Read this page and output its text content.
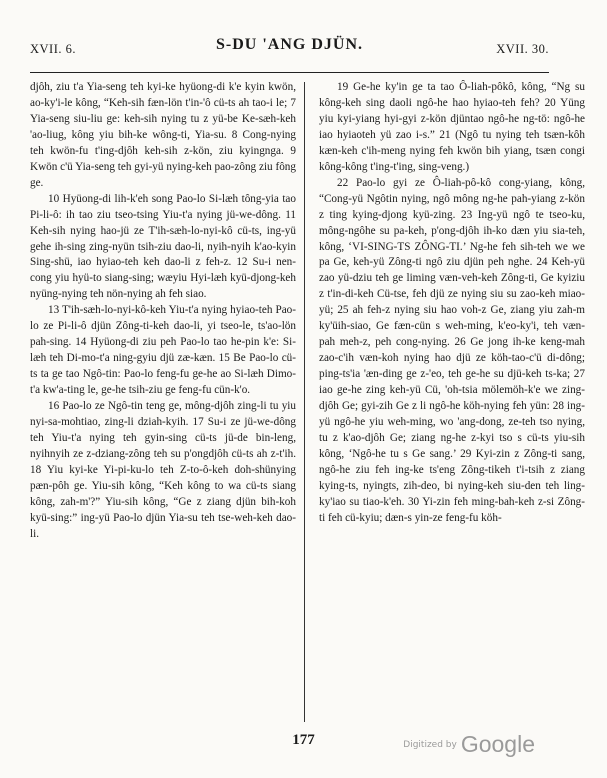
XVII. 6.	S-DU 'ANG DJÜN.	XVII. 30.

djôh, ziu t'a Yia-seng teh kyi-ke hyüong-di k'e kyin kwön, ao-ky'i-le kông, “Keh-sih fæn-lön t'in-'ô cü-ts ah tao-i le; 7 Yia-seng siu-liu ge: keh-sih nying tu z yü-be Ke-sæh-keh 'ao-liug, kông yiu bih-ke wông-ti, Yia-su. 8 Cong-nying teh kwön-fu t'ing-djôh keh-sih z-kön, ziu kyingnga. 9 Kwön c'ü Yia-seng teh gyi-yü nying-keh pao-zông ziu fông ge.

10 Hyüong-di lih-k'eh song Pao-lo Si-læh tông-yia tao Pi-li-ô: ih tao ziu tseo-tsing Yiu-t'a nying jü-we-dông. 11 Keh-sih nying hao-jü ze T'ih-sæh-lo-nyi-kô cü-ts, ing-yü gehe ih-sing zing-nyün tsih-ziu dao-li, nyih-nyih k'ao-kyin Sing-shü, iao hyiao-teh keh dao-li z feh-z. 12 Su-i nen-cong yiu hyü-to siang-sing; wæyiu Hyi-læh kyü-djong-keh nyüng-nying teh nön-nying ah feh siao.

13 T'ih-sæh-lo-nyi-kô-keh Yiu-t'a nying hyiao-teh Pao-lo ze Pi-li-ô djün Zông-ti-keh dao-li, yi tseo-le, ts'ao-lön pah-sing. 14 Hyüong-di ziu peh Pao-lo tao he-pin k'e: Si-læh teh Di-mo-t'a ning-gyiu djü zæ-kæn. 15 Be Pao-lo cü-ts ta ge tao Ngô-tin: Pao-lo feng-fu ge-he ao Si-læh Dimo-t'a kw'a-ting le, ge-he tsih-ziu ge feng-fu cün-k'o.

16 Pao-lo ze Ngô-tin teng ge, mông-djôh zing-li tu yiu nyi-sa-mohtiao, zing-li dziah-kyih. 17 Su-i ze jü-we-dông teh Yiu-t'a nying teh gyin-sing cü-ts jü-de bin-leng, nyihnyih ze z-dziang-zông teh su p'ongdjôh cü-ts ah z-t'ih. 18 Yiu kyi-ke Yi-pi-ku-lo teh Z-to-ô-keh doh-shünying pæn-pôh ge. Yiu-sih kông, “Keh kông to wa cü-ts siang kông, zah-m'?” Yiu-sih kông, “Ge z ziang djün bih-koh kyü-sing:” ing-yü Pao-lo djün Yia-su teh tse-weh-keh dao-li.

19 Ge-he ky'in ge ta tao Ô-liah-pôkô, kông, “Ng su kông-keh sing daoli ngô-he hao hyiao-teh feh? 20 Yüng yiu kyi-yiang hyi-gyi z-kön djüntao ngô-he ng-tö: ngô-he iao hyiaoteh yü zao i-s.” 21 (Ngô tu nying teh tsæn-kôh kæn-keh c'ih-meng nying feh kwön bih yiang, tsæn congi kông-kông t'ing-t'ing, sing-veng.)

22 Pao-lo gyi ze Ô-liah-pô-kô cong-yiang, kông, “Cong-yü Ngôtin nying, ngô mông ng-he pah-yiang z-kön z ting kying-djong kyü-zing. 23 Ing-yü ngô te tseo-ku, mông-ngôhe su pa-keh, p'ong-djôh ih-ko dæn yiu sia-teh, kông, ‘VI-SING-TS ZÔNG-TI.’ Ng-he feh sih-teh we we pa Ge, keh-yü Zông-ti ngô ziu djün peh nghe. 24 Keh-yü zao yü-dziu teh ge liming væn-veh-keh Zông-ti, Ge kyiziu z t'in-di-keh Cü-tse, feh djü ze nying siu su zao-keh miao-yü; 25 ah feh-z nying siu hao voh-z Ge, ziang yiu zah-m ky'üih-siao, Ge fæn-cün s weh-ming, k'eo-ky'i, teh væn-pah meh-z, peh cong-nying. 26 Ge jong ih-ke keng-mah zao-c'ih væn-koh nying hao djü ze köh-tao-c'ü di-dông; ping-ts'ia 'æn-ding ge z-'eo, teh ge-he su djü-keh ts-ka; 27 iao ge-he zing keh-yü Cü, 'oh-tsia mölemöh-k'e we zing-djôh Ge; gyi-zih Ge z li ngô-he köh-nying feh yün: 28 ing-yü ngô-he yiu weh-ming, wo 'ang-dong, ze-teh tso nying, tu z k'ao-djôh Ge; ziang ng-he z-kyi tso s cü-ts yiu-sih kông, ‘Ngô-he tu s Ge sang.’ 29 Kyi-zin z Zông-ti sang, ngô-he ziu feh ing-ke ts'eng Zông-tikeh t'i-tsih z ziang kying-ts, nyingts, zih-deo, bi nying-keh siu-den teh ling-ky'iao su tiao-k'eh. 30 Yi-zin feh ming-bah-keh z-si Zông-ti feh cü-kyiu; dæn-s yin-ze feng-fu köh-

177	Digitized by Google
